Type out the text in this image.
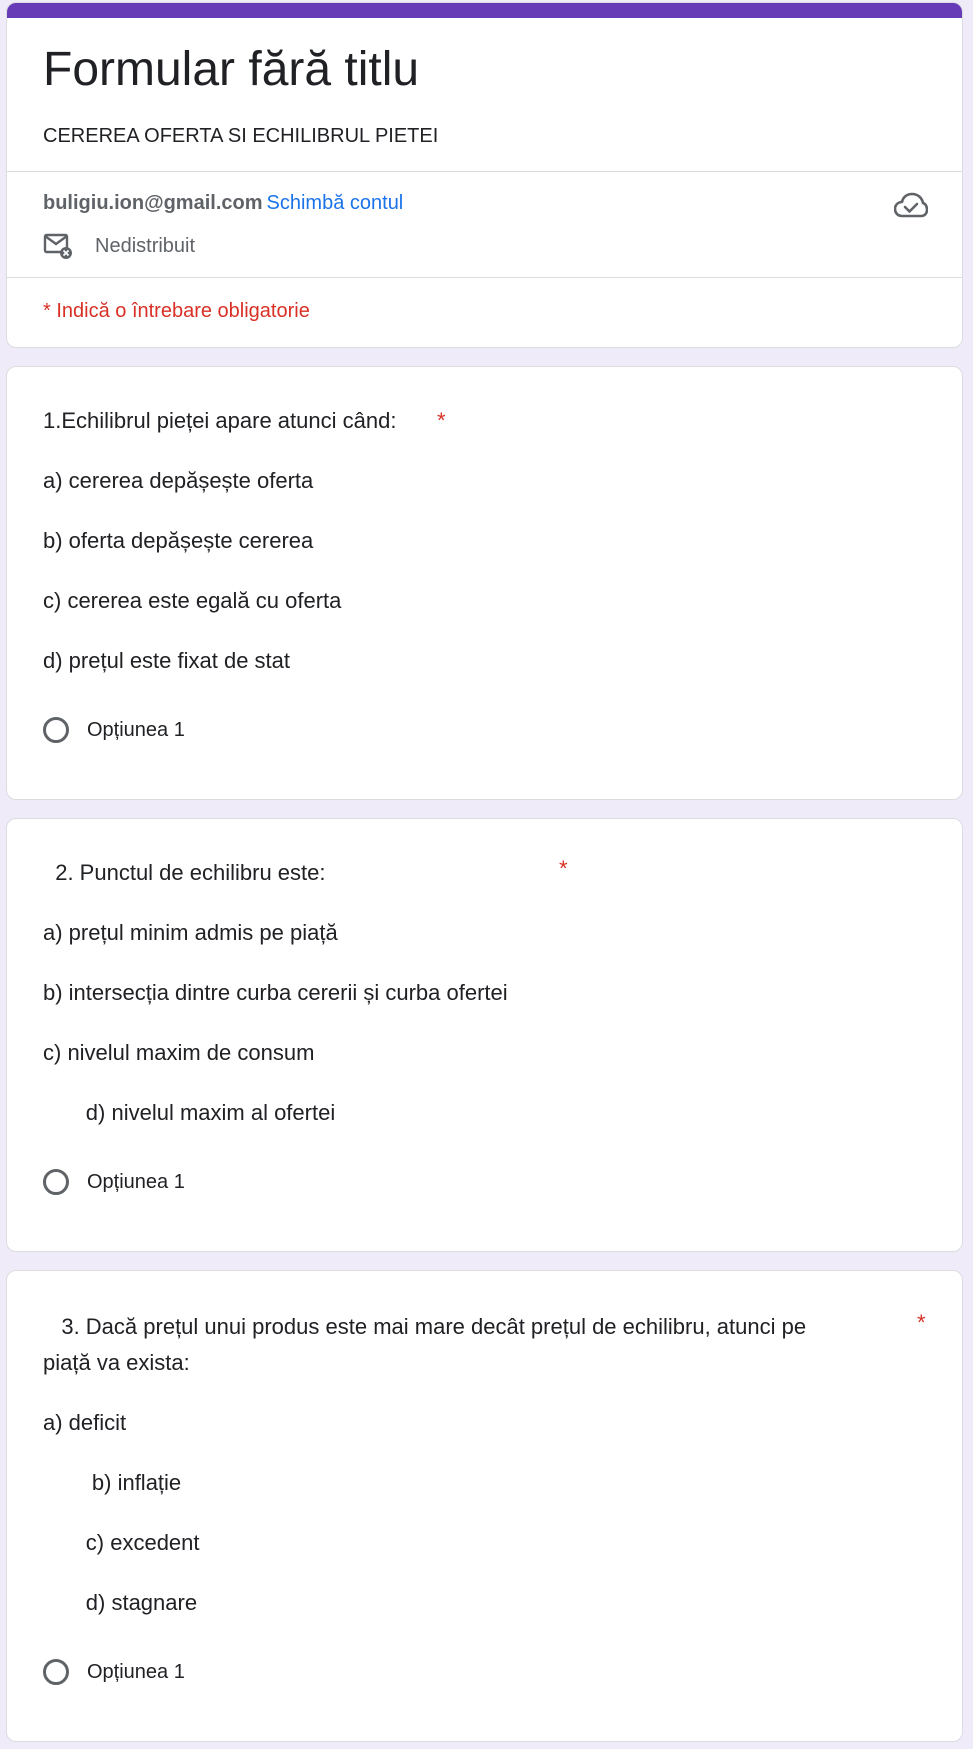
Formular fără titlu
CEREREA OFERTA SI ECHILIBRUL PIETEI
buligiu.ion@gmail.com Schimbă contul
Nedistribuit
* Indică o întrebare obligatorie
1.Echilibrul pieței apare atunci când: *
a) cererea depășește oferta
b) oferta depășește cererea
c) cererea este egală cu oferta
d) prețul este fixat de stat
Opțiunea 1
2. Punctul de echilibru este:	*
a) prețul minim admis pe piață
b) intersecția dintre curba cererii și curba ofertei
c) nivelul maxim de consum
d) nivelul maxim al ofertei
Opțiunea 1
3. Dacă prețul unui produs este mai mare decât prețul de echilibru, atunci pe
piață va exista:
*
a) deficit
b) inflație
c) excedent
d) stagnare
Opțiunea 1
